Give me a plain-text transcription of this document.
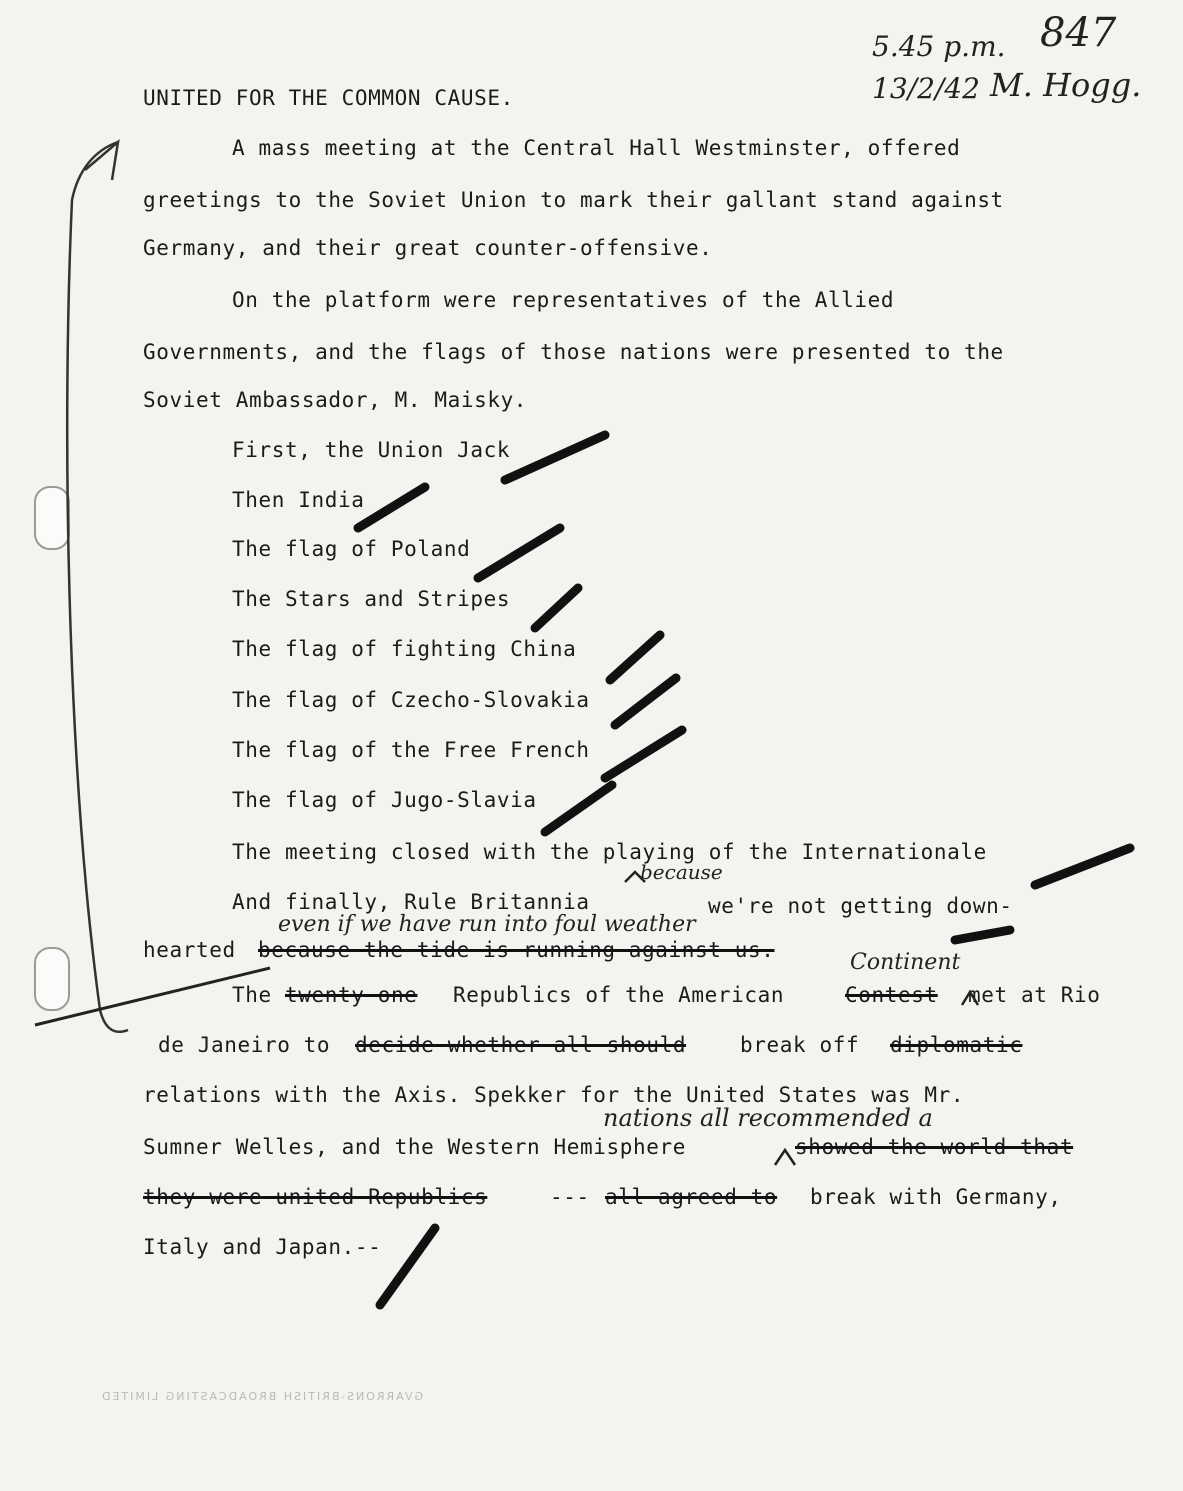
847
5.45 p.m.
13/2/42 M. Hogg.
UNITED FOR THE COMMON CAUSE.
A mass meeting at the Central Hall Westminster, offered
greetings to the Soviet Union to mark their gallant stand against
Germany, and their great counter-offensive.
On the platform were representatives of the Allied
Governments, and the flags of those nations were presented to the
Soviet Ambassador, M. Maisky.
First, the Union Jack
Then India
The flag of Poland
The Stars and Stripes
The flag of fighting China
The flag of Czecho-Slovakia
The flag of the Free French
The flag of Jugo-Slavia
The meeting closed with the playing of the Internationale
because
And finally, Rule Britannia	we're not getting down-
even if we have run into foul weather
hearted because the tide is running against us.	Continent
The twenty-one Republics of the American	Contest met at Rio
de Janeiro to decide whether all should	break off diplomatic
relations with the Axis. Spekker for the United States was Mr.
nations all recommended a
Sumner Welles, and the Western Hemisphere	showed the world that
they were united Republics	--- all agreed to break with Germany,
Italy and Japan.--
GVARRONS-BRITISH BROADCASTING LIMITED
